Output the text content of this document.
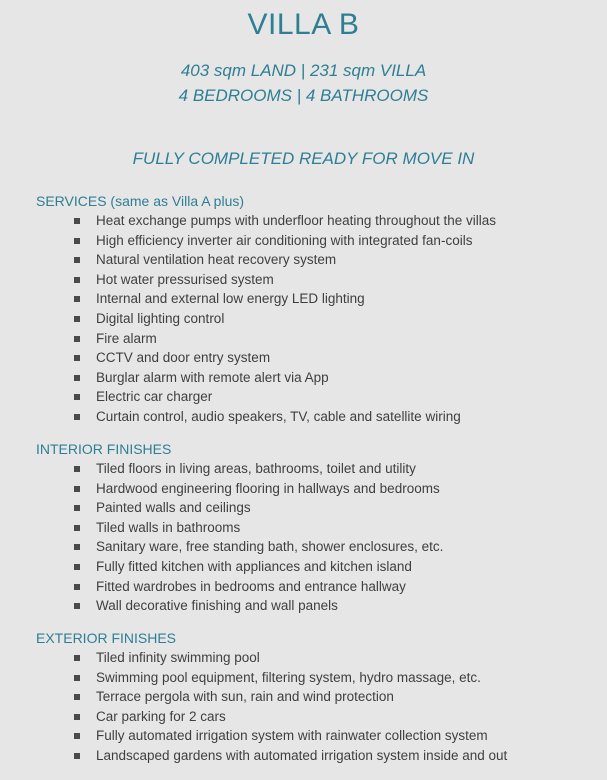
VILLA B
403 sqm LAND | 231 sqm VILLA
4 BEDROOMS | 4 BATHROOMS
FULLY COMPLETED READY FOR MOVE IN
SERVICES (same as Villa A plus)
Heat exchange pumps with underfloor heating throughout the villas
High efficiency inverter air conditioning with integrated fan-coils
Natural ventilation heat recovery system
Hot water pressurised system
Internal and external low energy LED lighting
Digital lighting control
Fire alarm
CCTV and door entry system
Burglar alarm with remote alert via App
Electric car charger
Curtain control, audio speakers, TV, cable and satellite wiring
INTERIOR FINISHES
Tiled floors in living areas, bathrooms, toilet and utility
Hardwood engineering flooring in hallways and bedrooms
Painted walls and ceilings
Tiled walls in bathrooms
Sanitary ware, free standing bath, shower enclosures, etc.
Fully fitted kitchen with appliances and kitchen island
Fitted wardrobes in bedrooms and entrance hallway
Wall decorative finishing and wall panels
EXTERIOR FINISHES
Tiled infinity swimming pool
Swimming pool equipment, filtering system, hydro massage, etc.
Terrace pergola with sun, rain and wind protection
Car parking for 2 cars
Fully automated irrigation system with rainwater collection system
Landscaped gardens with automated irrigation system inside and out
